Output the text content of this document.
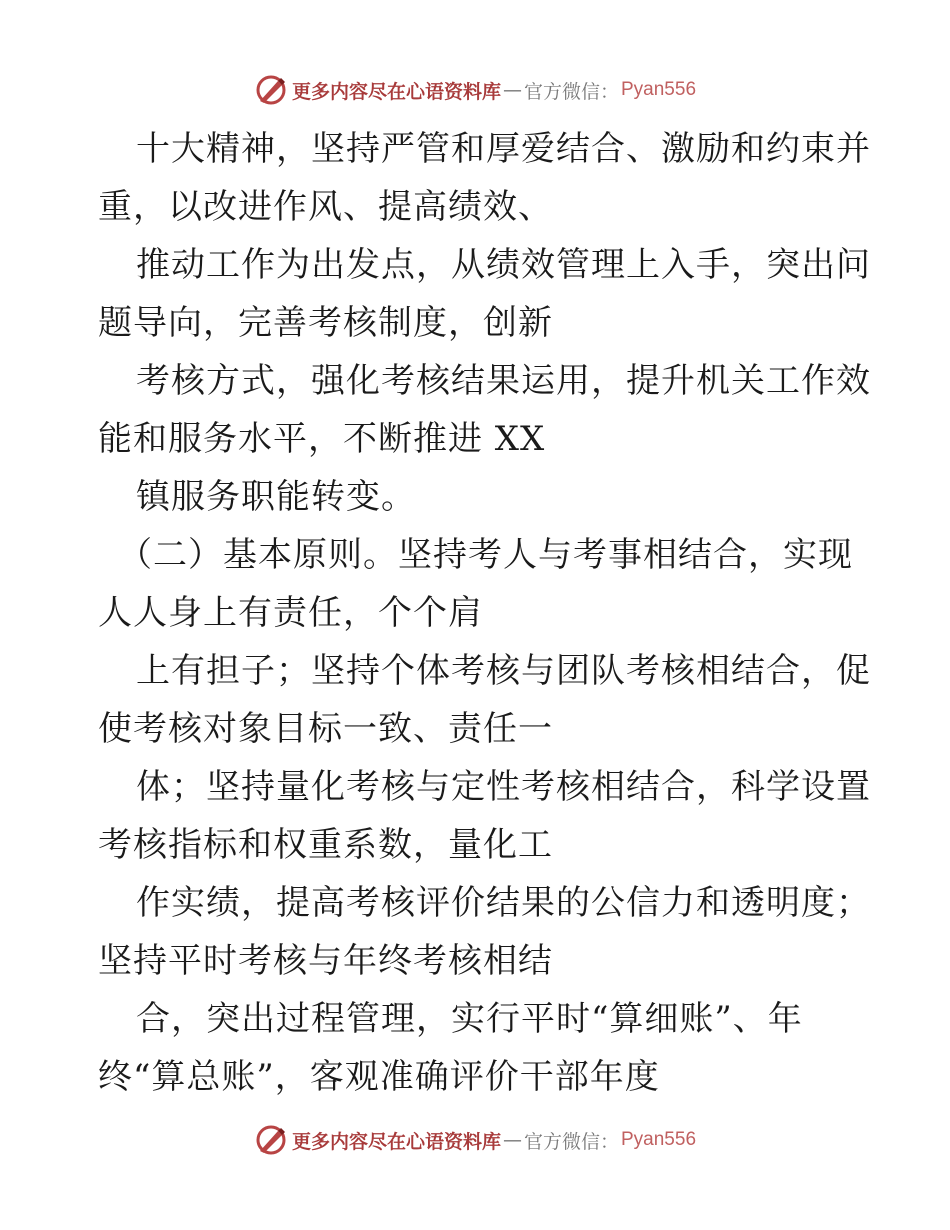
更多内容尽在心语资料库 — 官方微信： Pyan556
十大精神，坚持严管和厚爱结合、激励和约束并
重，以改进作风、提高绩效、
推动工作为出发点，从绩效管理上入手，突出问
题导向，完善考核制度，创新
考核方式，强化考核结果运用，提升机关工作效
能和服务水平，不断推进 XX
镇服务职能转变。
（二）基本原则。坚持考人与考事相结合，实现
人人身上有责任，个个肩
上有担子；坚持个体考核与团队考核相结合，促
使考核对象目标一致、责任一
体；坚持量化考核与定性考核相结合，科学设置
考核指标和权重系数，量化工
作实绩，提高考核评价结果的公信力和透明度；
坚持平时考核与年终考核相结
合，突出过程管理，实行平时“算细账”、年
终“算总账”，客观准确评价干部年度
更多内容尽在心语资料库 — 官方微信： Pyan556
